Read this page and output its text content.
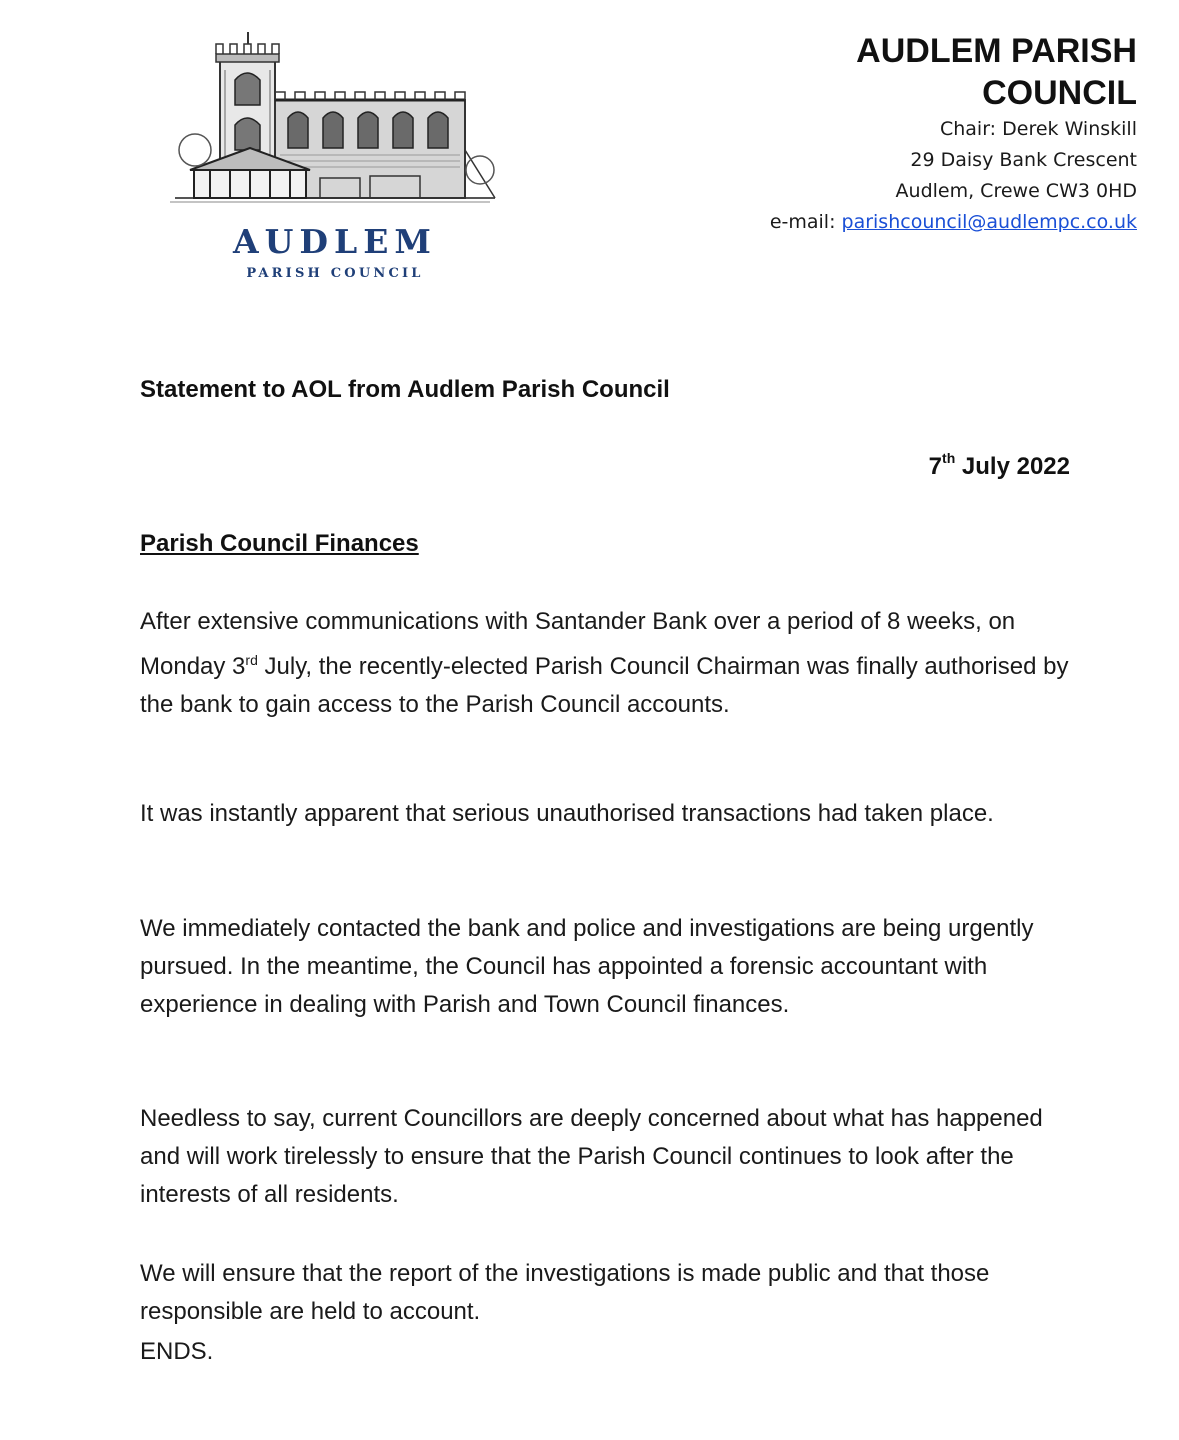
AUDLEM
PARISH COUNCIL
AUDLEM PARISH
COUNCIL
Chair: Derek Winskill
29 Daisy Bank Crescent
Audlem, Crewe CW3 0HD
e-mail: parishcouncil@audlempc.co.uk
Statement to AOL from Audlem Parish Council
7th July 2022
Parish Council Finances
After extensive communications with Santander Bank over a period of 8 weeks, on Monday 3rd July, the recently-elected Parish Council Chairman was finally authorised by the bank to gain access to the Parish Council accounts.
It was instantly apparent that serious unauthorised transactions had taken place.
We immediately contacted the bank and police and investigations are being urgently pursued. In the meantime, the Council has appointed a forensic accountant with experience in dealing with Parish and Town Council finances.
Needless to say, current Councillors are deeply concerned about what has happened and will work tirelessly to ensure that the Parish Council continues to look after the interests of all residents.
We will ensure that the report of the investigations is made public and that those responsible are held to account.
ENDS.
